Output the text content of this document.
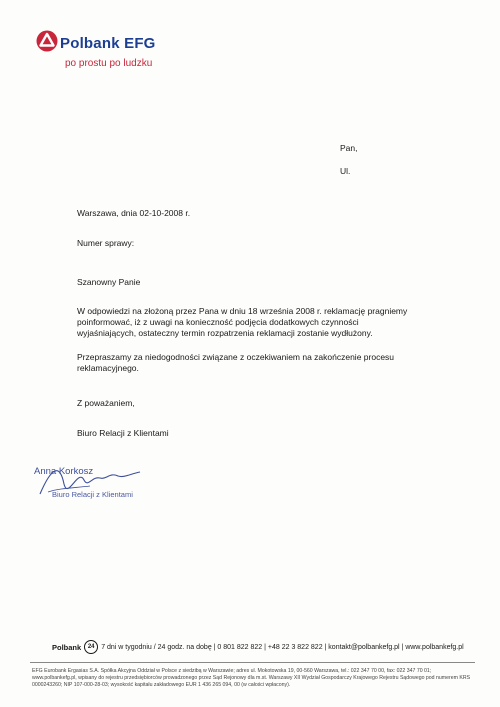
Polbank EFG
po prostu po ludzku
Pan,
Ul.
Warszawa, dnia 02-10-2008 r.
Numer sprawy:
Szanowny Panie
W odpowiedzi na złożoną przez Pana w dniu 18 września 2008 r. reklamację pragniemy poinformować, iż z uwagi na konieczność podjęcia dodatkowych czynności wyjaśniających, ostateczny termin rozpatrzenia reklamacji zostanie wydłużony.
Przepraszamy za niedogodności związane z oczekiwaniem na zakończenie procesu reklamacyjnego.
Z poważaniem,
Biuro Relacji z Klientami
Anna Korkosz
Biuro Relacji z Klientami
Polbank	24 7 dni w tygodniu / 24 godz. na dobę | 0 801 822 822 | +48 22 3 822 822 | kontakt@polbankefg.pl | www.polbankefg.pl
EFG Eurobank Ergasias S.A. Spółka Akcyjna Oddział w Polsce z siedzibą w Warszawie; adres ul. Mokotowska 19, 00-560 Warszawa, tel.: 022 347 70 00, fax: 022 347 70 01; www.polbankefg.pl, wpisany do rejestru przedsiębiorców prowadzonego przez Sąd Rejonowy dla m.st. Warszawy XII Wydział Gospodarczy Krajowego Rejestru Sądowego pod numerem KRS 0000243260; NIP 107-000-28-03; wysokość kapitału zakładowego EUR 1 436 265 094, 00 (w całości wpłacony).
